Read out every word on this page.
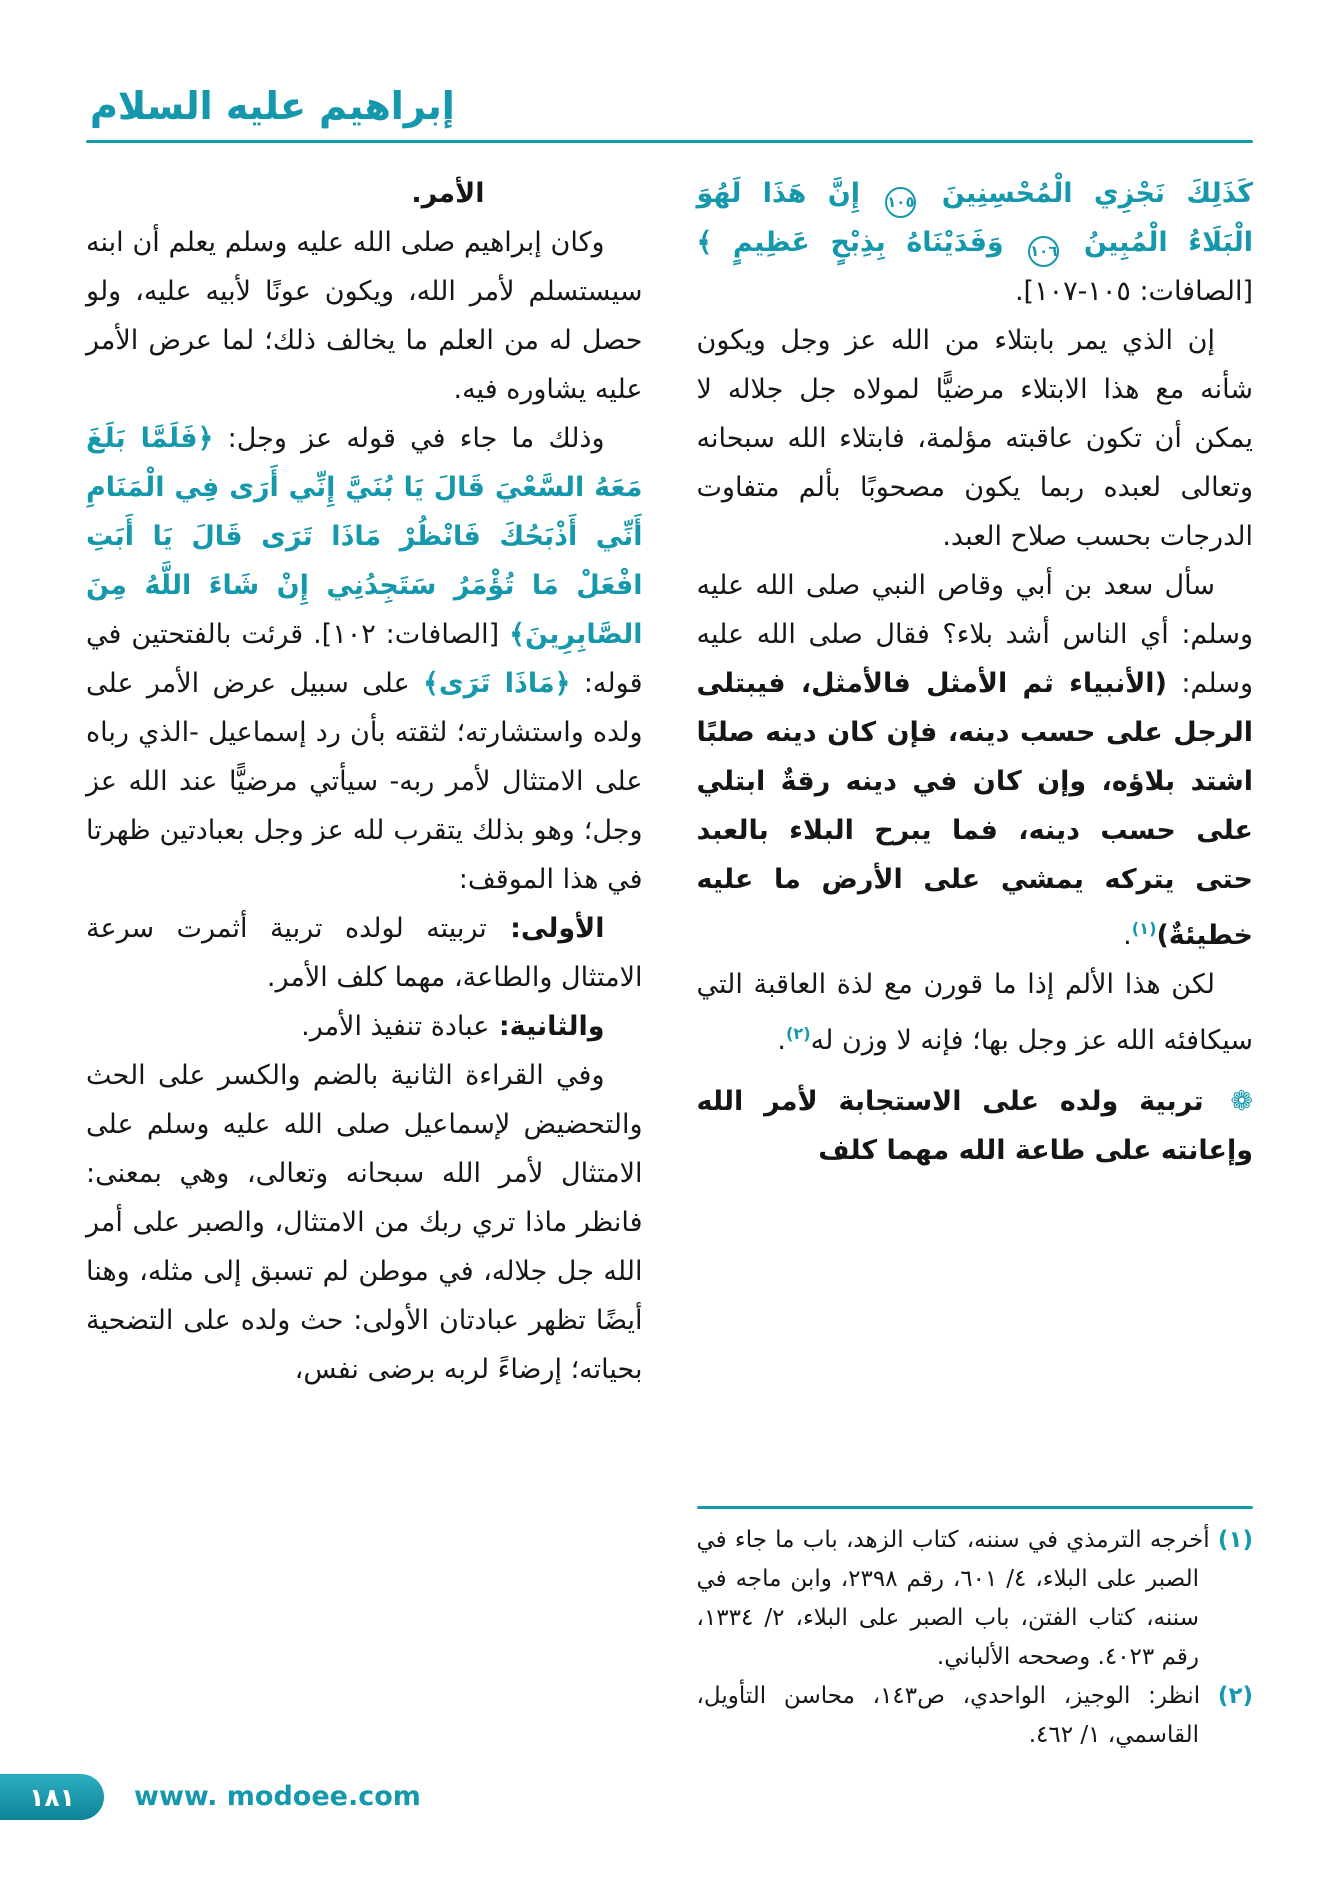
إبراهيم عليه السلام

كَذَلِكَ نَجْزِي الْمُحْسِنِينَ ١٠٥ إِنَّ هَذَا لَهُوَ الْبَلَاءُ الْمُبِينُ ١٠٦ وَفَدَيْنَاهُ بِذِبْحٍ عَظِيمٍ ﴾ [الصافات: ١٠٥-١٠٧].

إن الذي يمر بابتلاء من الله عز وجل ويكون شأنه مع هذا الابتلاء مرضيًّا لمولاه جل جلاله لا يمكن أن تكون عاقبته مؤلمة، فابتلاء الله سبحانه وتعالى لعبده ربما يكون مصحوبًا بألم متفاوت الدرجات بحسب صلاح العبد.

سأل سعد بن أبي وقاص النبي صلى الله عليه وسلم: أي الناس أشد بلاء؟ فقال صلى الله عليه وسلم: (الأنبياء ثم الأمثل فالأمثل، فيبتلى الرجل على حسب دينه، فإن كان دينه صلبًا اشتد بلاؤه، وإن كان في دينه رقةٌ ابتلي على حسب دينه، فما يبرح البلاء بالعبد حتى يتركه يمشي على الأرض ما عليه خطيئةٌ)$^{(١)}$.

لكن هذا الألم إذا ما قورن مع لذة العاقبة التي سيكافئه الله عز وجل بها؛ فإنه لا وزن له$^{(٢)}$.

❁ تربية ولده على الاستجابة لأمر الله وإعانته على طاعة الله مهما كلف

(١) أخرجه الترمذي في سننه، كتاب الزهد، باب ما جاء في الصبر على البلاء، ٤/ ٦٠١، رقم ٢٣٩٨، وابن ماجه في سننه، كتاب الفتن، باب الصبر على البلاء، ٢/ ١٣٣٤، رقم ٤٠٢٣. وصححه الألباني.

(٢) انظر: الوجيز، الواحدي، ص١٤٣، محاسن التأويل، القاسمي، ١/ ٤٦٢.

الأمر.

وكان إبراهيم صلى الله عليه وسلم يعلم أن ابنه سيستسلم لأمر الله، ويكون عونًا لأبيه عليه، ولو حصل له من العلم ما يخالف ذلك؛ لما عرض الأمر عليه يشاوره فيه.

وذلك ما جاء في قوله عز وجل: ﴿فَلَمَّا بَلَغَ مَعَهُ السَّعْيَ قَالَ يَا بُنَيَّ إِنِّي أَرَى فِي الْمَنَامِ أَنِّي أَذْبَحُكَ فَانْظُرْ مَاذَا تَرَى قَالَ يَا أَبَتِ افْعَلْ مَا تُؤْمَرُ سَتَجِدُنِي إِنْ شَاءَ اللَّهُ مِنَ الصَّابِرِينَ﴾ [الصافات: ١٠٢]. قرئت بالفتحتين في قوله: ﴿مَاذَا تَرَى﴾ على سبيل عرض الأمر على ولده واستشارته؛ لثقته بأن رد إسماعيل -الذي رباه على الامتثال لأمر ربه- سيأتي مرضيًّا عند الله عز وجل؛ وهو بذلك يتقرب لله عز وجل بعبادتين ظهرتا في هذا الموقف:

الأولى: تربيته لولده تربية أثمرت سرعة الامتثال والطاعة، مهما كلف الأمر.

والثانية: عبادة تنفيذ الأمر.

وفي القراءة الثانية بالضم والكسر على الحث والتحضيض لإسماعيل صلى الله عليه وسلم على الامتثال لأمر الله سبحانه وتعالى، وهي بمعنى: فانظر ماذا تري ربك من الامتثال، والصبر على أمر الله جل جلاله، في موطن لم تسبق إلى مثله، وهنا أيضًا تظهر عبادتان الأولى: حث ولده على التضحية بحياته؛ إرضاءً لربه برضى نفس،

١٨١ www. modoee.com
